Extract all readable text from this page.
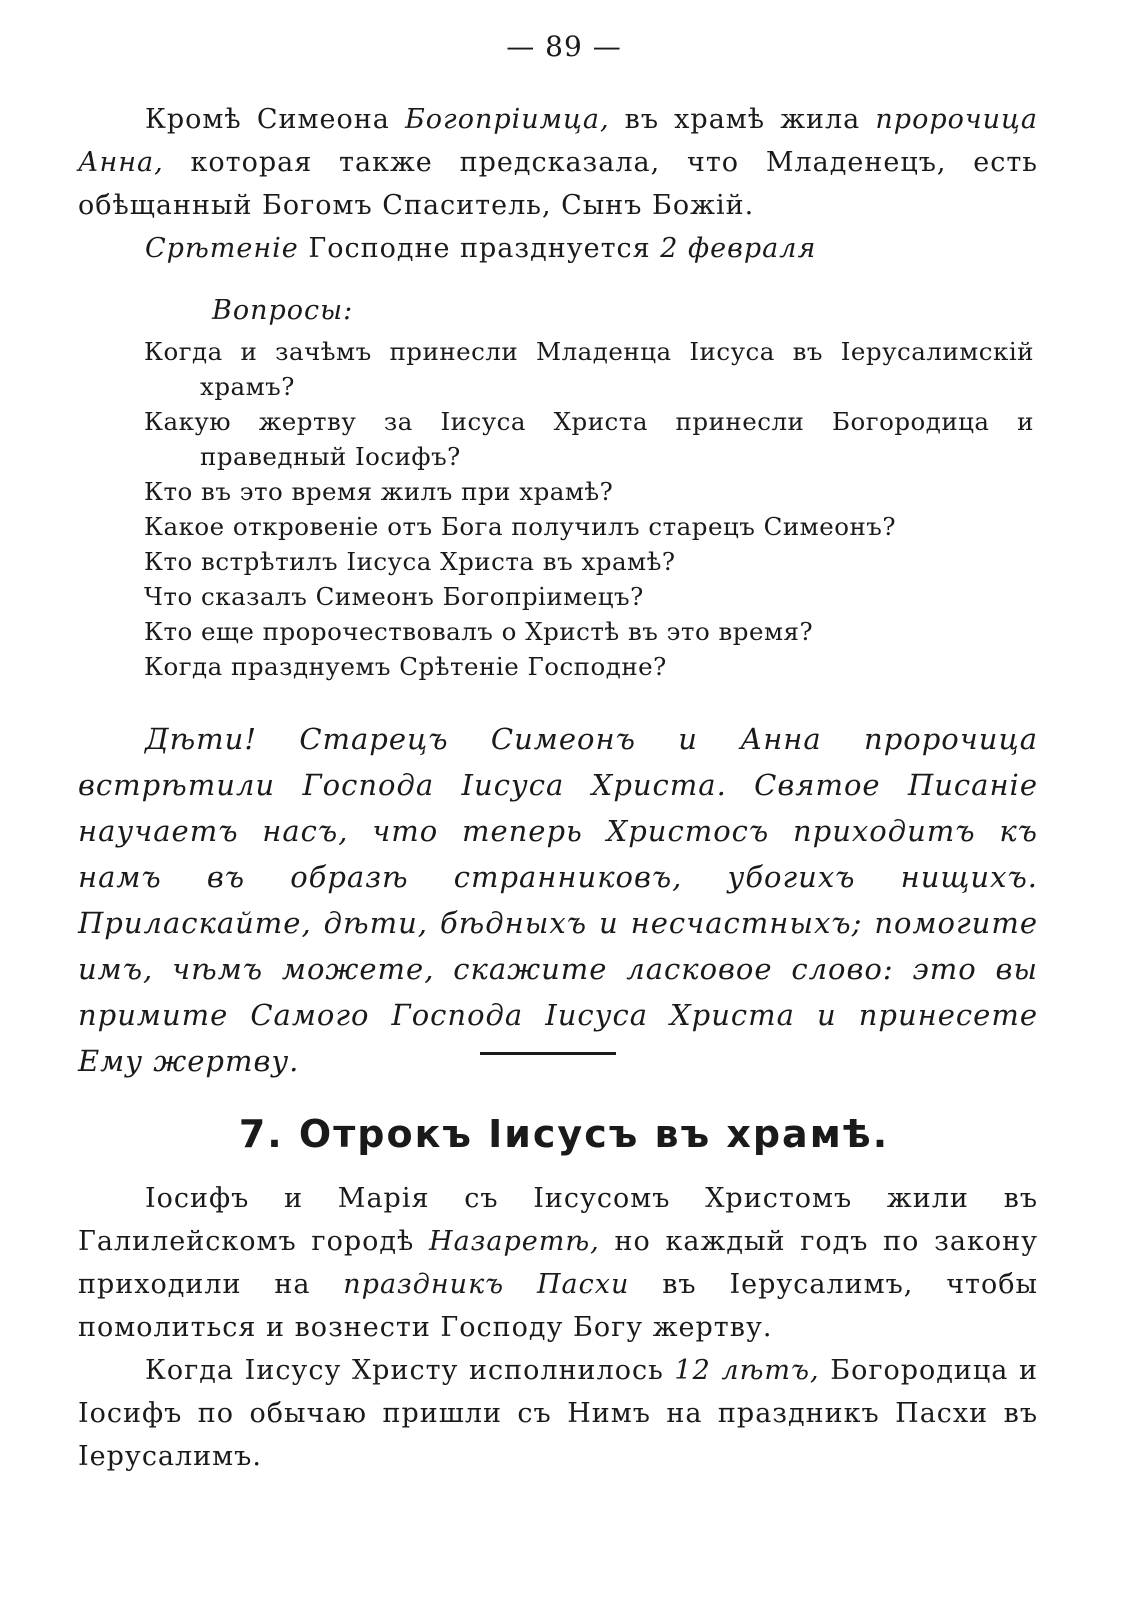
— 89 —

Кромѣ Симеона Богопріимца, въ храмѣ жила пророчица Анна, которая также предсказала, что Младенецъ, есть обѣщанный Богомъ Спаситель, Сынъ Божій.

Срѣтеніе Господне празднуется 2 февраля

Вопросы:
Когда и зачѣмъ принесли Младенца Іисуса въ Іерусалимскій храмъ?
Какую жертву за Іисуса Христа принесли Богородица и праведный Іосифъ?
Кто въ это время жилъ при храмѣ?
Какое откровеніе отъ Бога получилъ старецъ Симеонъ?
Кто встрѣтилъ Іисуса Христа въ храмѣ?
Что сказалъ Симеонъ Богопріимецъ?
Кто еще пророчествовалъ о Христѣ въ это время?
Когда празднуемъ Срѣтеніе Господне?

Дѣти! Старецъ Симеонъ и Анна пророчица встрѣтили Господа Іисуса Христа. Святое Писаніе научаетъ насъ, что теперь Христосъ приходитъ къ намъ въ образѣ странниковъ, убогихъ нищихъ. Приласкайте, дѣти, бѣдныхъ и несчастныхъ; помогите имъ, чѣмъ можете, скажите ласковое слово: это вы примите Самого Господа Іисуса Христа и принесете Ему жертву.

7. Отрокъ Іисусъ въ храмѣ.

Іосифъ и Марія съ Іисусомъ Христомъ жили въ Галилейскомъ городѣ Назаретѣ, но каждый годъ по закону приходили на праздникъ Пасхи въ Іерусалимъ, чтобы помолиться и вознести Господу Богу жертву.

Когда Іисусу Христу исполнилось 12 лѣтъ, Богородица и Іосифъ по обычаю пришли съ Нимъ на праздникъ Пасхи въ Іерусалимъ.
